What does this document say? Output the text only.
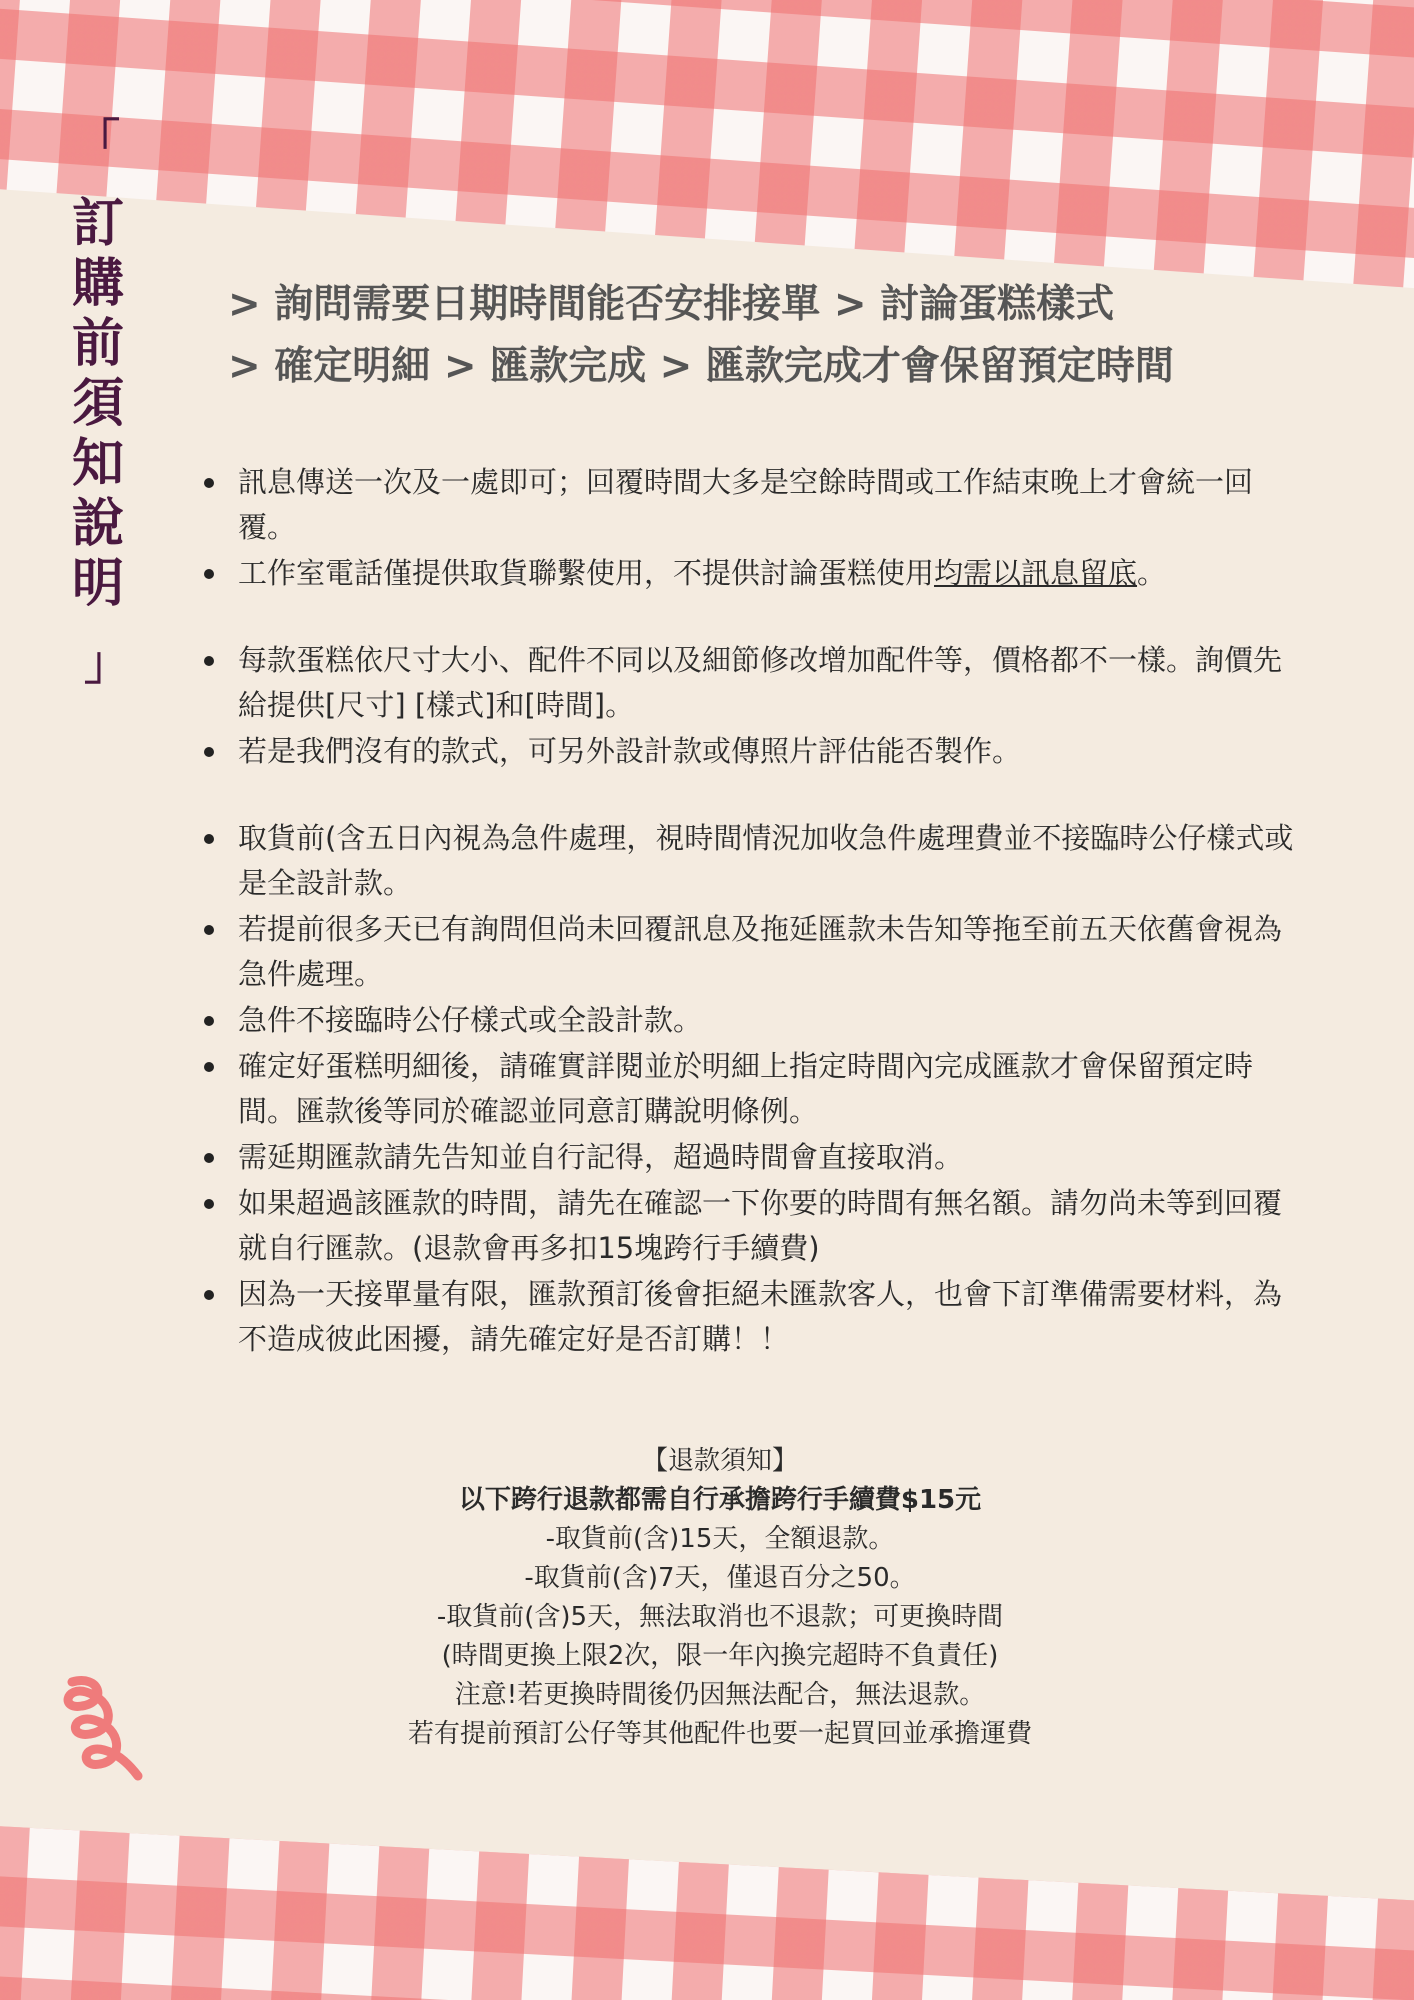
「
訂購前須知說明
」
> 詢問需要日期時間能否安排接單 > 討論蛋糕樣式
> 確定明細 > 匯款完成 > 匯款完成才會保留預定時間
訊息傳送一次及一處即可；回覆時間大多是空餘時間或工作結束晚上才會統一回覆。
工作室電話僅提供取貨聯繫使用，不提供討論蛋糕使用均需以訊息留底。
每款蛋糕依尺寸大小、配件不同以及細節修改增加配件等，價格都不一樣。詢價先給提供[尺寸] [樣式]和[時間]。
若是我們沒有的款式，可另外設計款或傳照片評估能否製作。
取貨前(含五日內視為急件處理，視時間情況加收急件處理費並不接臨時公仔樣式或是全設計款。
若提前很多天已有詢問但尚未回覆訊息及拖延匯款未告知等拖至前五天依舊會視為急件處理。
急件不接臨時公仔樣式或全設計款。
確定好蛋糕明細後，請確實詳閱並於明細上指定時間內完成匯款才會保留預定時間。匯款後等同於確認並同意訂購說明條例。
需延期匯款請先告知並自行記得，超過時間會直接取消。
如果超過該匯款的時間，請先在確認一下你要的時間有無名額。請勿尚未等到回覆就自行匯款。(退款會再多扣15塊跨行手續費)
因為一天接單量有限，匯款預訂後會拒絕未匯款客人，也會下訂準備需要材料，為不造成彼此困擾，請先確定好是否訂購！！
【退款須知】
以下跨行退款都需自行承擔跨行手續費$15元
-取貨前(含)15天，全額退款。
-取貨前(含)7天，僅退百分之50。
-取貨前(含)5天，無法取消也不退款；可更換時間
(時間更換上限2次，限一年內換完超時不負責任)
注意!若更換時間後仍因無法配合，無法退款。
若有提前預訂公仔等其他配件也要一起買回並承擔運費
